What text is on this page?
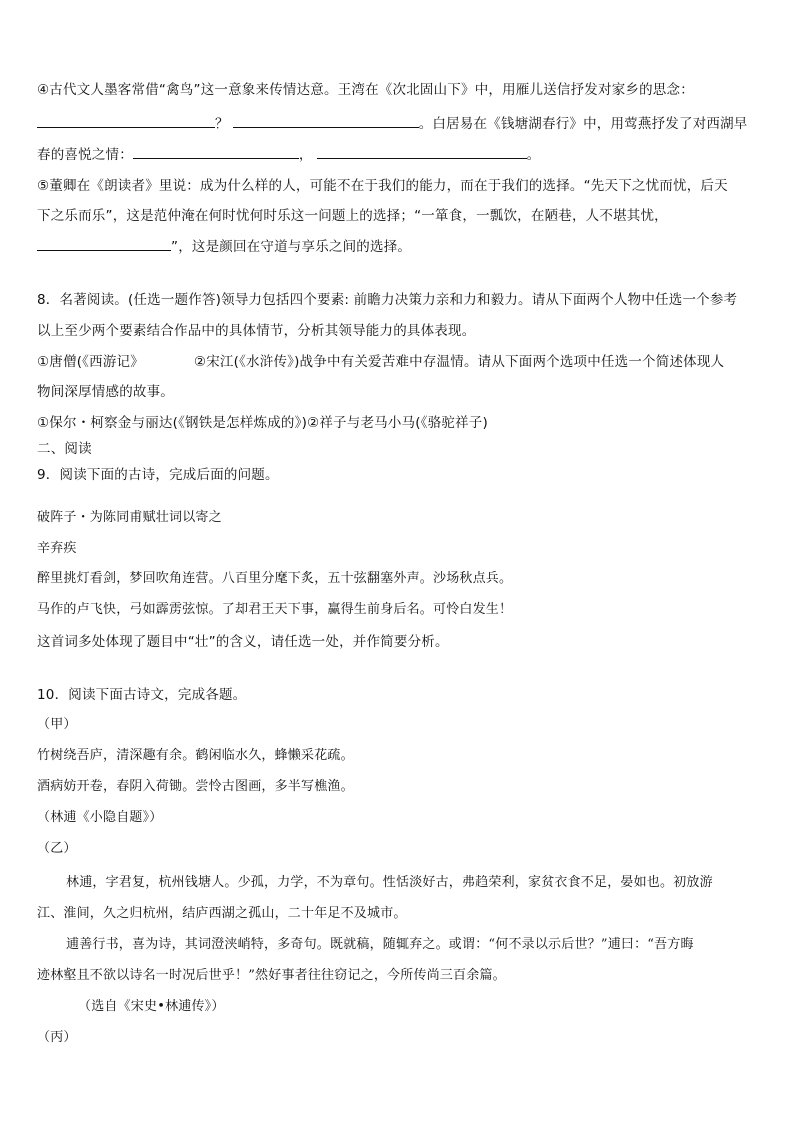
④古代文人墨客常借“禽鸟”这一意象来传情达意。王湾在《次北固山下》中，用雁儿送信抒发对家乡的思念：
？	。白居易在《钱塘湖春行》中，用莺燕抒发了对西湖早
春的喜悦之情：	，	。
⑤董卿在《朗读者》里说：成为什么样的人，可能不在于我们的能力，而在于我们的选择。“先天下之忧而忧，后天
下之乐而乐”，这是范仲淹在何时忧何时乐这一问题上的选择；“一箪食，一瓢饮，在陋巷，人不堪其忧，
”，这是颜回在守道与享乐之间的选择。
8．名著阅读。(任选一题作答)领导力包括四个要素: 前瞻力决策力亲和力和毅力。请从下面两个人物中任选一个参考
以上至少两个要素结合作品中的具体情节，分析其领导能力的具体表现。
①唐僧(《西游记》	②宋江(《水浒传》)战争中有关爱苦难中存温情。请从下面两个选项中任选一个简述体现人
物间深厚情感的故事。
①保尔・柯察金与丽达(《钢铁是怎样炼成的》)②祥子与老马小马(《骆驼祥子)
二、阅读
9．阅读下面的古诗，完成后面的问题。
破阵子・为陈同甫赋壮词以寄之
辛弃疾
醉里挑灯看剑，梦回吹角连营。八百里分麾下炙，五十弦翻塞外声。沙场秋点兵。
马作的卢飞快，弓如霹雳弦惊。了却君王天下事，赢得生前身后名。可怜白发生！
这首词多处体现了题目中“壮”的含义，请任选一处，并作简要分析。
10．阅读下面古诗文，完成各题。
（甲）
竹树绕吾庐，清深趣有余。鹤闲临水久，蜂懒采花疏。
酒病妨开卷，春阴入荷锄。尝怜古图画，多半写樵渔。
（林逋《小隐自题》）
（乙）
林逋，字君复，杭州钱塘人。少孤，力学，不为章句。性恬淡好古，弗趋荣利，家贫衣食不足，晏如也。初放游
江、淮间，久之归杭州，结庐西湖之孤山，二十年足不及城市。
逋善行书，喜为诗，其词澄浃峭特，多奇句。既就稿，随辄弃之。或谓：“何不录以示后世？”逋曰：“吾方晦
迹林壑且不欲以诗名一时况后世乎！”然好事者往往窃记之，今所传尚三百余篇。
（选自《宋史•林逋传》）
（丙）
